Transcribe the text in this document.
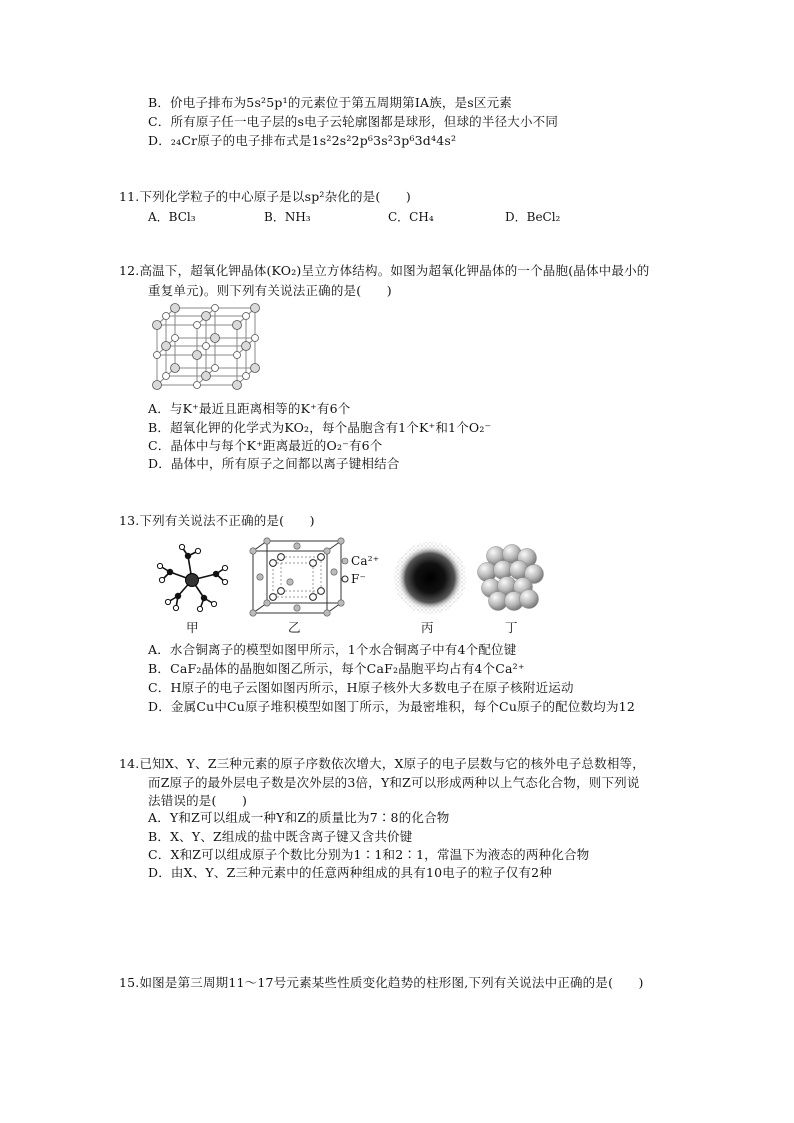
B．价电子排布为5s²5p¹的元素位于第五周期第ⅠA族，是s区元素
C．所有原子任一电子层的s电子云轮廓图都是球形，但球的半径大小不同
D．₂₄Cr原子的电子排布式是1s²2s²2p⁶3s²3p⁶3d⁴4s²
11.下列化学粒子的中心原子是以sp²杂化的是(　　)
A．BCl₃	B．NH₃	C．CH₄	D．BeCl₂
12.高温下，超氧化钾晶体(KO₂)呈立方体结构。如图为超氧化钾晶体的一个晶胞(晶体中最小的
重复单元)。则下列有关说法正确的是(　　)
A．与K⁺最近且距离相等的K⁺有6个
B．超氧化钾的化学式为KO₂，每个晶胞含有1个K⁺和1个O₂⁻
C．晶体中与每个K⁺距离最近的O₂⁻有6个
D．晶体中，所有原子之间都以离子键相结合
13.下列有关说法不正确的是(　　)
Ca²⁺
F⁻
甲	乙	丙	丁
A．水合铜离子的模型如图甲所示，1个水合铜离子中有4个配位键
B．CaF₂晶体的晶胞如图乙所示，每个CaF₂晶胞平均占有4个Ca²⁺
C．H原子的电子云图如图丙所示，H原子核外大多数电子在原子核附近运动
D．金属Cu中Cu原子堆积模型如图丁所示，为最密堆积，每个Cu原子的配位数均为12
14.已知X、Y、Z三种元素的原子序数依次增大，X原子的电子层数与它的核外电子总数相等，
而Z原子的最外层电子数是次外层的3倍，Y和Z可以形成两种以上气态化合物，则下列说
法错误的是(　　)
A．Y和Z可以组成一种Y和Z的质量比为7∶8的化合物
B．X、Y、Z组成的盐中既含离子键又含共价键
C．X和Z可以组成原子个数比分别为1∶1和2∶1，常温下为液态的两种化合物
D．由X、Y、Z三种元素中的任意两种组成的具有10电子的粒子仅有2种
15.如图是第三周期11～17号元素某些性质变化趋势的柱形图,下列有关说法中正确的是(　　)
